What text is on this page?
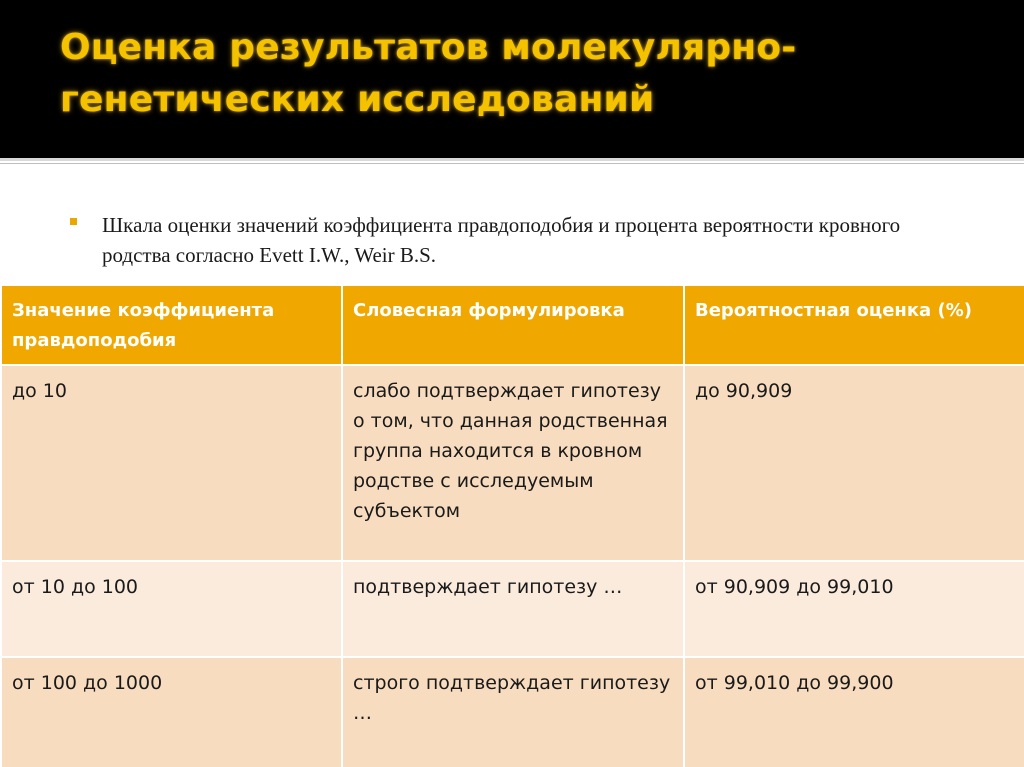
Оценка результатов молекулярно-генетических исследований
Шкала оценки значений коэффициента правдоподобия и процента вероятности кровного родства согласно Evett I.W., Weir B.S.
Значение коэффициента правдоподобия	Словесная формулировка	Вероятностная оценка (%)
до 10	слабо подтверждает гипотезу о том, что данная родственная группа находится в кровном родстве с исследуемым субъектом	до 90,909
от 10 до 100	подтверждает гипотезу …	от 90,909 до 99,010
от 100 до 1000	строго подтверждает гипотезу …	от 99,010 до 99,900
